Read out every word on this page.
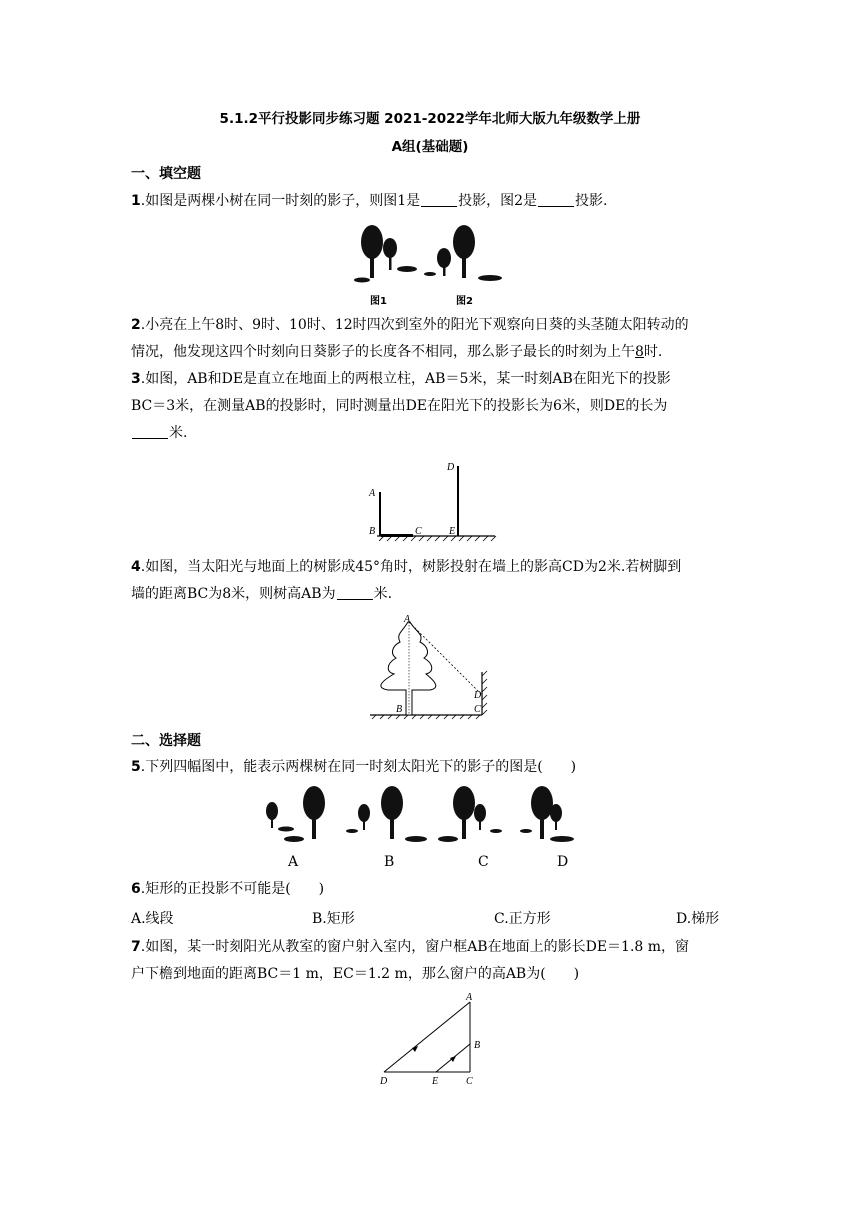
5.1.2平行投影同步练习题 2021-2022学年北师大版九年级数学上册
A组(基础题)
一、填空题
1.如图是两棵小树在同一时刻的影子，则图1是	投影，图2是	投影.
图1	图2
2.小亮在上午8时、9时、10时、12时四次到室外的阳光下观察向日葵的头茎随太阳转动的
情况，他发现这四个时刻向日葵影子的长度各不相同，那么影子最长的时刻为上午8时.
3.如图，AB和DE是直立在地面上的两根立柱，AB＝5米，某一时刻AB在阳光下的投影
BC＝3米，在测量AB的投影时，同时测量出DE在阳光下的投影长为6米，则DE的长为
米.
A
B	C
D
E
4.如图，当太阳光与地面上的树影成45°角时，树影投射在墙上的影高CD为2米.若树脚到
墙的距离BC为8米，则树高AB为	米.
A
B	C
D
二、选择题
5.下列四幅图中，能表示两棵树在同一时刻太阳光下的影子的图是(　　)
A	B	C	D
6.矩形的正投影不可能是(　　)
A.线段	B.矩形	C.正方形	D.梯形
7.如图，某一时刻阳光从教室的窗户射入室内，窗户框AB在地面上的影长DE＝1.8 m，窗
户下檐到地面的距离BC＝1 m，EC＝1.2 m，那么窗户的高AB为(　　)
A
B
C
D	E
